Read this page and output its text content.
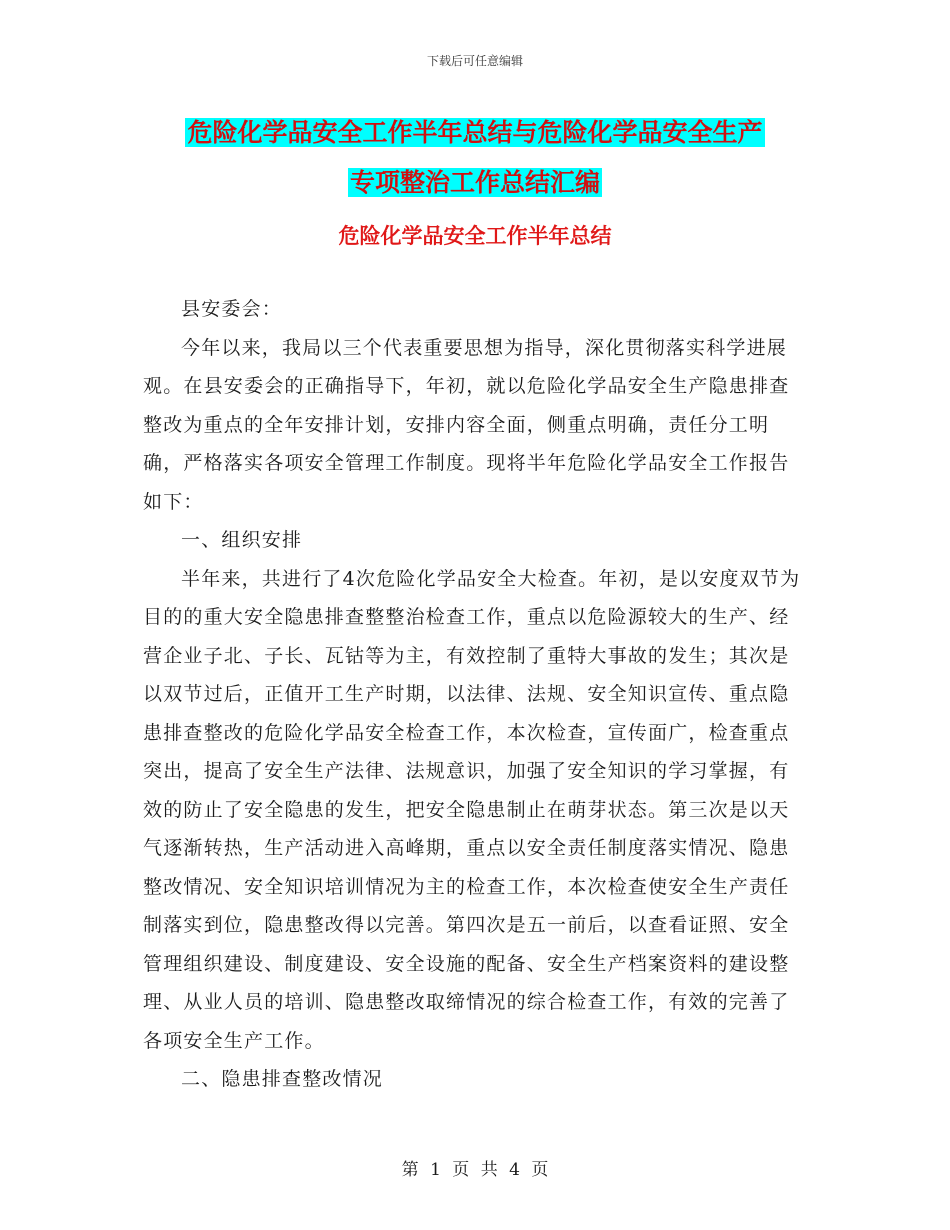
下载后可任意编辑
危险化学品安全工作半年总结与危险化学品安全生产
专项整治工作总结汇编
危险化学品安全工作半年总结

县安委会：

今年以来，我局以三个代表重要思想为指导，深化贯彻落实科学进展观。在县安委会的正确指导下，年初，就以危险化学品安全生产隐患排查整改为重点的全年安排计划，安排内容全面，侧重点明确，责任分工明确，严格落实各项安全管理工作制度。现将半年危险化学品安全工作报告如下：

一、组织安排

半年来，共进行了4次危险化学品安全大检查。年初，是以安度双节为目的的重大安全隐患排查整整治检查工作，重点以危险源较大的生产、经营企业子北、子长、瓦钴等为主，有效控制了重特大事故的发生；其次是以双节过后，正值开工生产时期，以法律、法规、安全知识宣传、重点隐患排查整改的危险化学品安全检查工作，本次检查，宣传面广，检查重点突出，提高了安全生产法律、法规意识，加强了安全知识的学习掌握，有效的防止了安全隐患的发生，把安全隐患制止在萌芽状态。第三次是以天气逐渐转热，生产活动进入高峰期，重点以安全责任制度落实情况、隐患整改情况、安全知识培训情况为主的检查工作，本次检查使安全生产责任制落实到位，隐患整改得以完善。第四次是五一前后，以查看证照、安全管理组织建设、制度建设、安全设施的配备、安全生产档案资料的建设整理、从业人员的培训、隐患整改取缔情况的综合检查工作，有效的完善了各项安全生产工作。

二、隐患排查整改情况

第 1 页 共 4 页
